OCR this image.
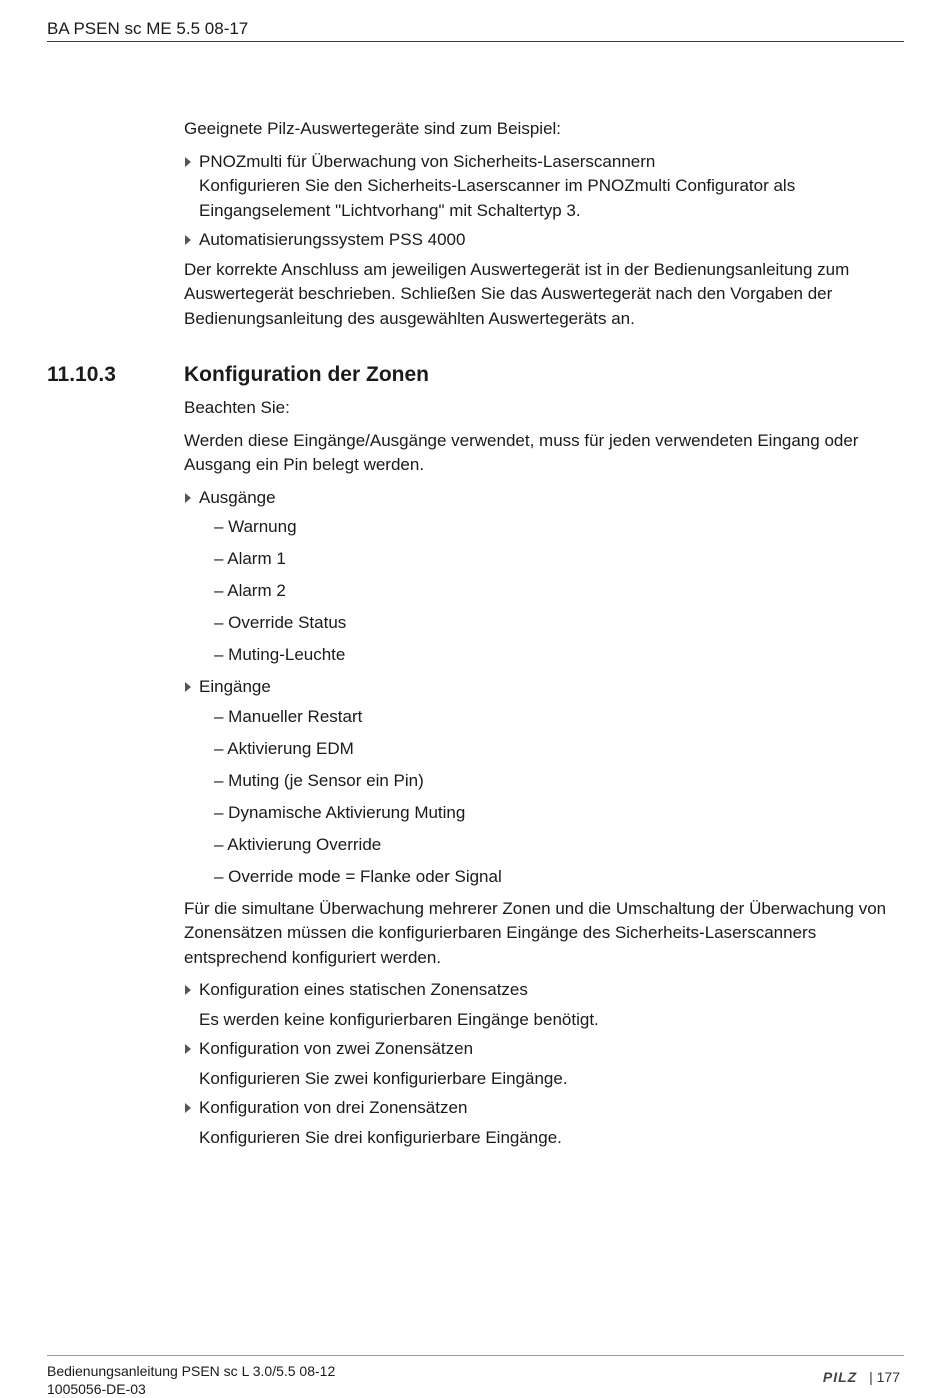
BA PSEN sc ME 5.5 08-17

Geeignete Pilz-Auswertegeräte sind zum Beispiel:

PNOZmulti für Überwachung von Sicherheits-Laserscannern
Konfigurieren Sie den Sicherheits-Laserscanner im PNOZmulti Configurator als Eingangselement "Lichtvorhang" mit Schaltertyp 3.
Automatisierungssystem PSS 4000

Der korrekte Anschluss am jeweiligen Auswertegerät ist in der Bedienungsanleitung zum Auswertegerät beschrieben. Schließen Sie das Auswertegerät nach den Vorgaben der Bedienungsanleitung des ausgewählten Auswertegeräts an.

11.10.3	Konfiguration der Zonen

Beachten Sie:

Werden diese Eingänge/Ausgänge verwendet, muss für jeden verwendeten Eingang oder Ausgang ein Pin belegt werden.

Ausgänge
– Warnung
– Alarm 1
– Alarm 2
– Override Status
– Muting-Leuchte
Eingänge
– Manueller Restart
– Aktivierung EDM
– Muting (je Sensor ein Pin)
– Dynamische Aktivierung Muting
– Aktivierung Override
– Override mode = Flanke oder Signal

Für die simultane Überwachung mehrerer Zonen und die Umschaltung der Überwachung von Zonensätzen müssen die konfigurierbaren Eingänge des Sicherheits-Laserscanners entsprechend konfiguriert werden.

Konfiguration eines statischen Zonensatzes
Es werden keine konfigurierbaren Eingänge benötigt.
Konfiguration von zwei Zonensätzen
Konfigurieren Sie zwei konfigurierbare Eingänge.
Konfiguration von drei Zonensätzen
Konfigurieren Sie drei konfigurierbare Eingänge.
Bedienungsanleitung PSEN sc L 3.0/5.5 08-12
1005056-DE-03
PILZ | 177
